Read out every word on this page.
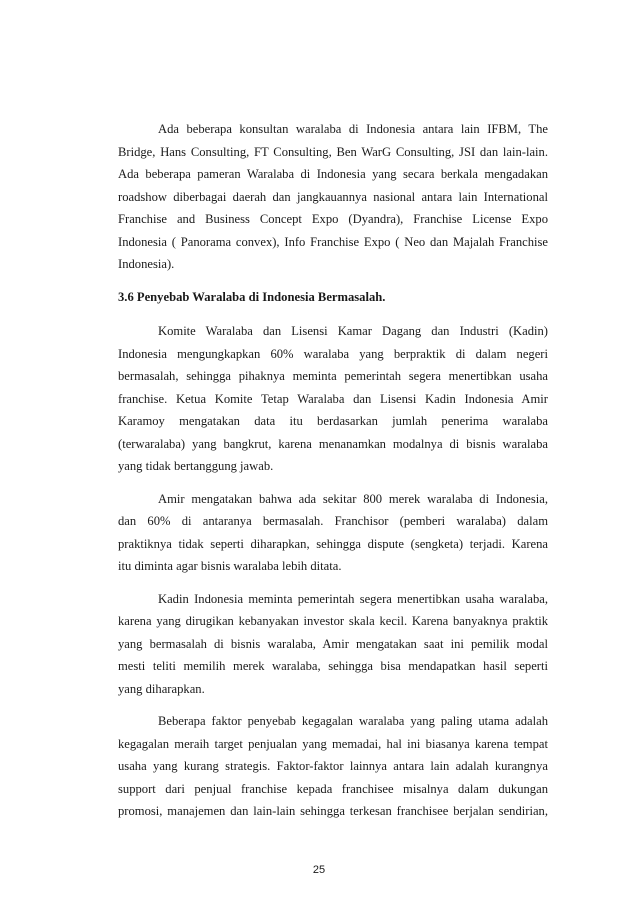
Ada beberapa konsultan waralaba di Indonesia antara lain IFBM, The
Bridge, Hans Consulting, FT Consulting, Ben WarG Consulting, JSI dan lain-lain.
Ada beberapa pameran Waralaba di Indonesia yang secara berkala mengadakan
roadshow diberbagai daerah dan jangkauannya nasional antara lain International
Franchise and Business Concept Expo (Dyandra), Franchise License Expo
Indonesia ( Panorama convex), Info Franchise Expo ( Neo dan Majalah Franchise
Indonesia).
3.6 Penyebab Waralaba di Indonesia Bermasalah.
Komite Waralaba dan Lisensi Kamar Dagang dan Industri (Kadin)
Indonesia mengungkapkan 60% waralaba yang berpraktik di dalam negeri
bermasalah, sehingga pihaknya meminta pemerintah segera menertibkan usaha
franchise. Ketua Komite Tetap Waralaba dan Lisensi Kadin Indonesia Amir
Karamoy mengatakan data itu berdasarkan jumlah penerima waralaba
(terwaralaba) yang bangkrut, karena menanamkan modalnya di bisnis waralaba
yang tidak bertanggung jawab.
Amir mengatakan bahwa ada sekitar 800 merek waralaba di Indonesia,
dan 60% di antaranya bermasalah. Franchisor (pemberi waralaba) dalam
praktiknya tidak seperti diharapkan, sehingga dispute (sengketa) terjadi. Karena
itu diminta agar bisnis waralaba lebih ditata.
Kadin Indonesia meminta pemerintah segera menertibkan usaha waralaba,
karena yang dirugikan kebanyakan investor skala kecil. Karena banyaknya praktik
yang bermasalah di bisnis waralaba, Amir mengatakan saat ini pemilik modal
mesti teliti memilih merek waralaba, sehingga bisa mendapatkan hasil seperti
yang diharapkan.
Beberapa faktor penyebab kegagalan waralaba yang paling utama adalah
kegagalan meraih target penjualan yang memadai, hal ini biasanya karena tempat
usaha yang kurang strategis. Faktor-faktor lainnya antara lain adalah kurangnya
support dari penjual franchise kepada franchisee misalnya dalam dukungan
promosi, manajemen dan lain-lain sehingga terkesan franchisee berjalan sendirian,
25
